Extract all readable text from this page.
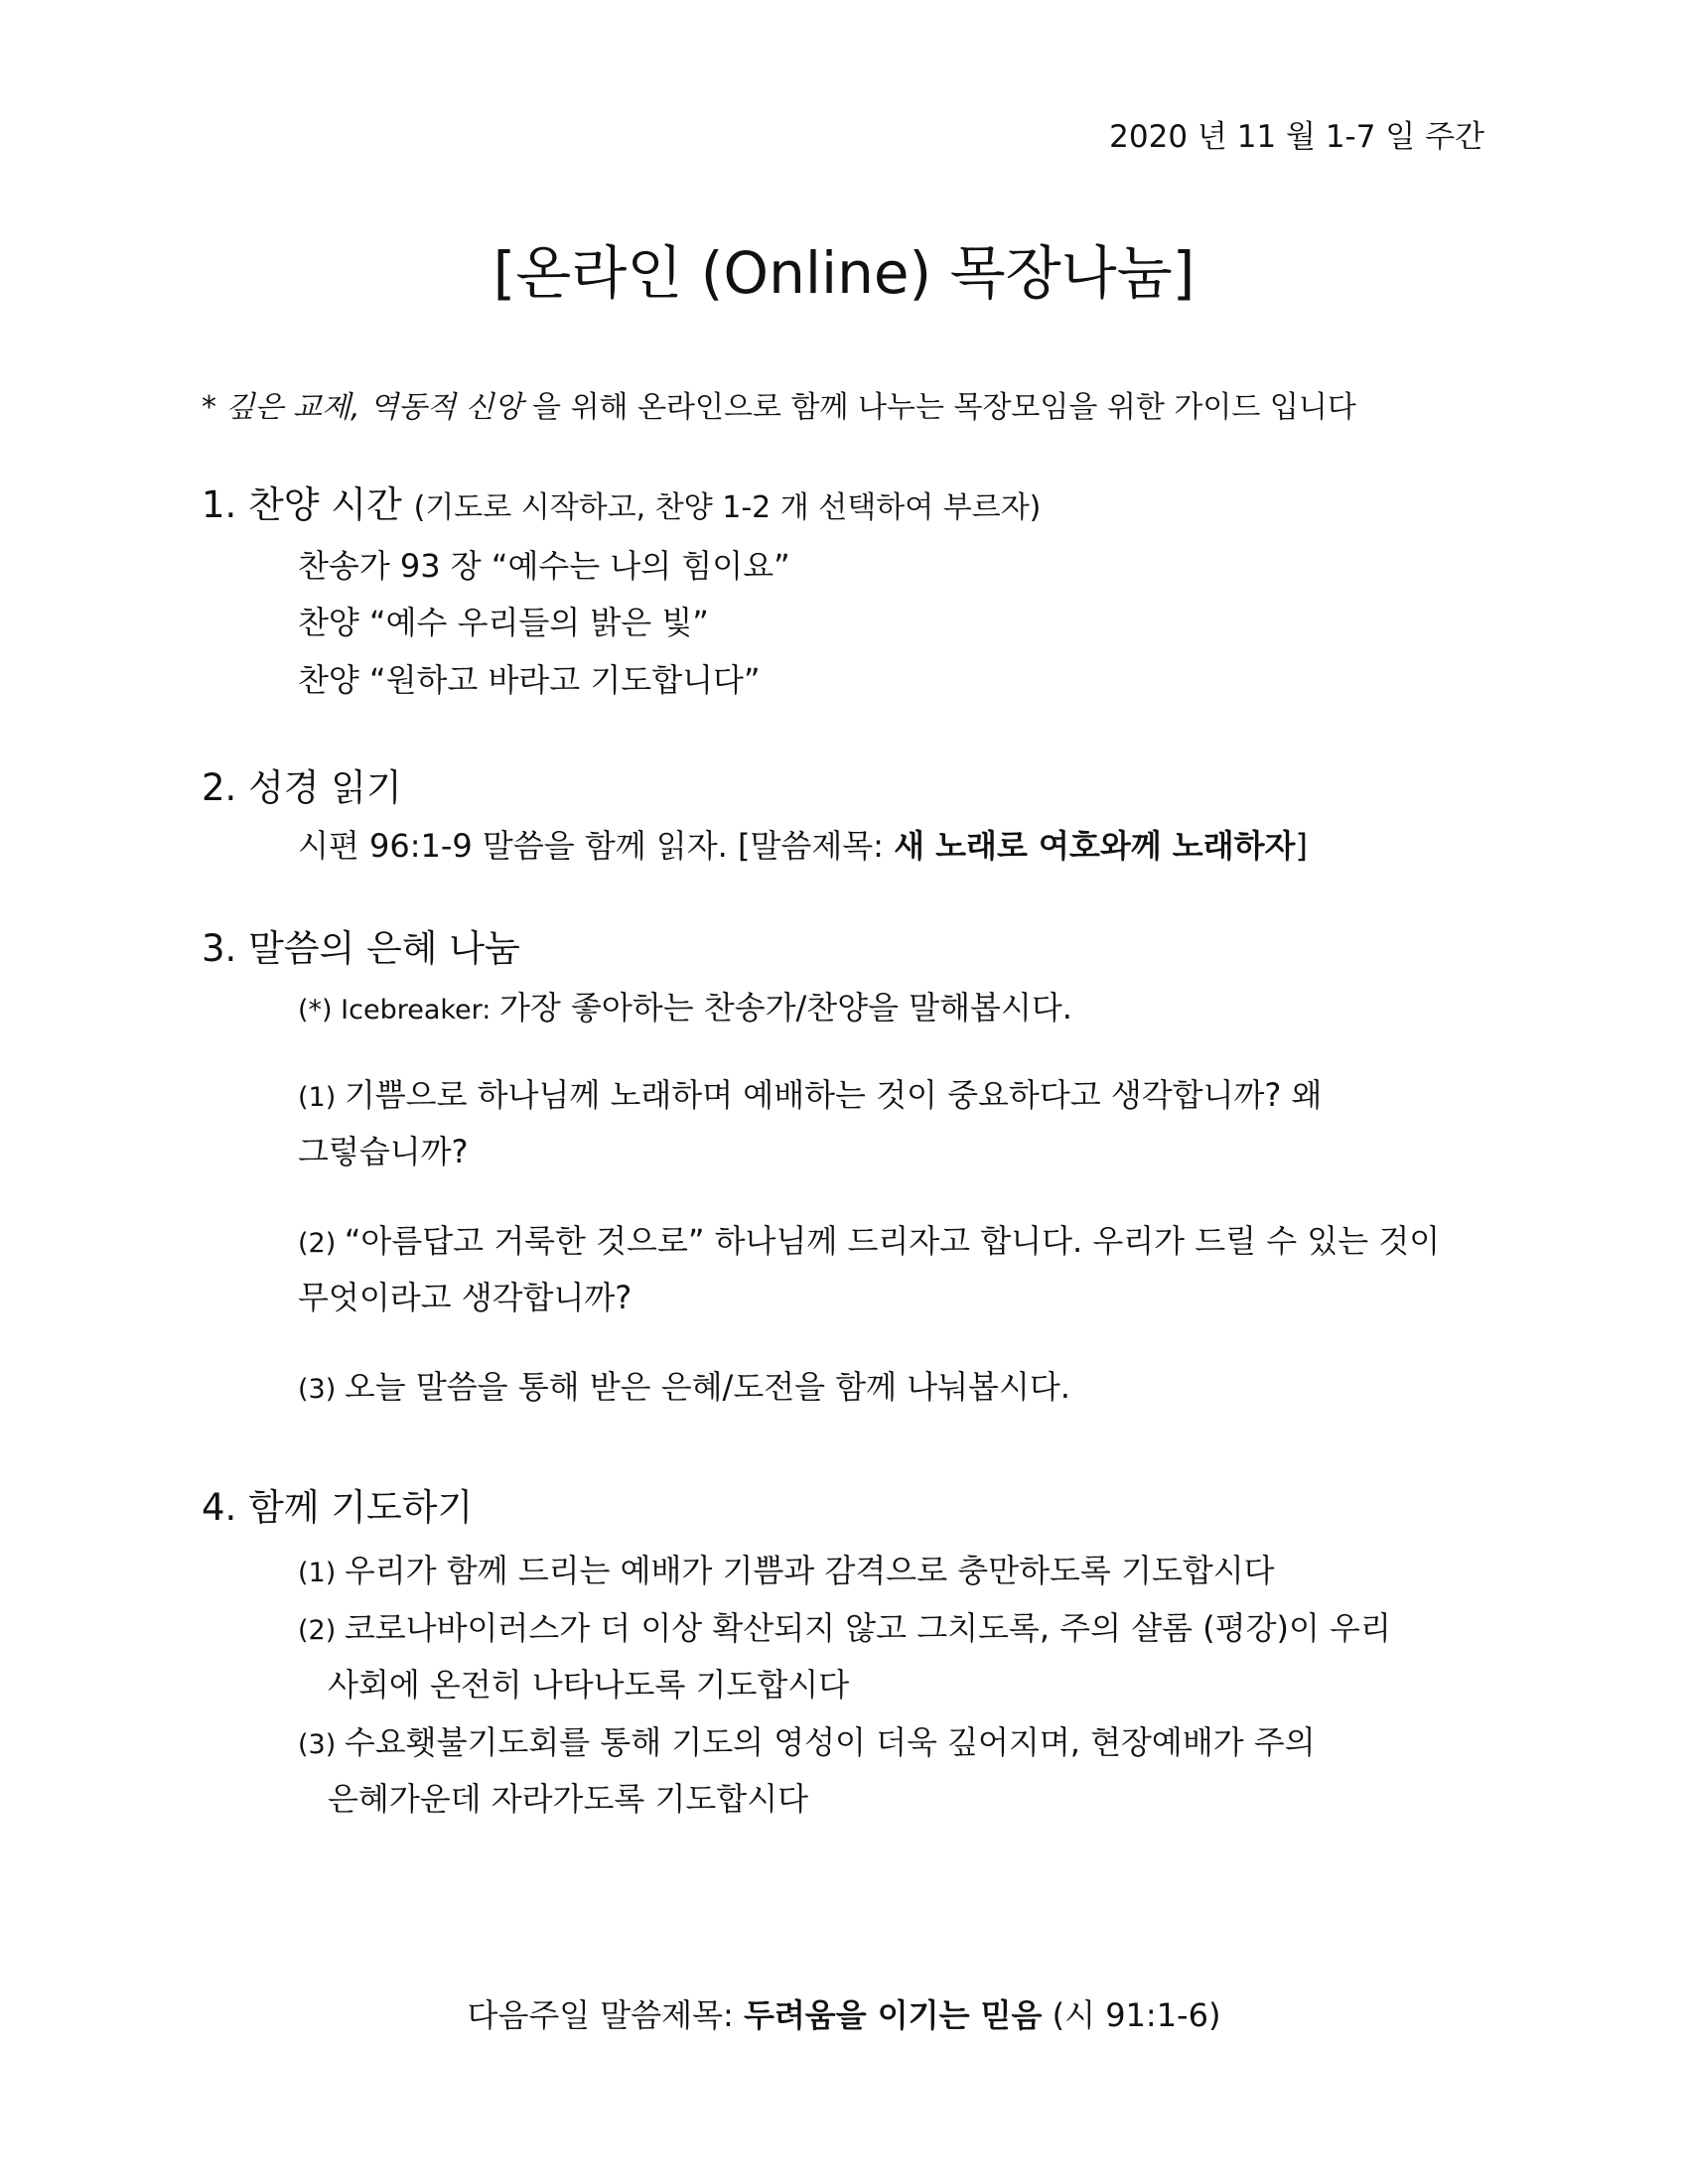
2020 년 11 월 1-7 일 주간
[온라인 (Online) 목장나눔]
* 깊은 교제, 역동적 신앙 을 위해 온라인으로 함께 나누는 목장모임을 위한 가이드 입니다
1. 찬양 시간 (기도로 시작하고, 찬양 1-2 개 선택하여 부르자)
찬송가 93 장 “예수는 나의 힘이요”
찬양 “예수 우리들의 밝은 빛”
찬양 “원하고 바라고 기도합니다”
2. 성경 읽기
시편 96:1-9 말씀을 함께 읽자. [말씀제목: 새 노래로 여호와께 노래하자]
3. 말씀의 은혜 나눔
(*) Icebreaker: 가장 좋아하는 찬송가/찬양을 말해봅시다.
(1) 기쁨으로 하나님께 노래하며 예배하는 것이 중요하다고 생각합니까? 왜
그렇습니까?
(2) “아름답고 거룩한 것으로” 하나님께 드리자고 합니다. 우리가 드릴 수 있는 것이
무엇이라고 생각합니까?
(3) 오늘 말씀을 통해 받은 은혜/도전을 함께 나눠봅시다.
4. 함께 기도하기
(1) 우리가 함께 드리는 예배가 기쁨과 감격으로 충만하도록 기도합시다
(2) 코로나바이러스가 더 이상 확산되지 않고 그치도록, 주의 샬롬 (평강)이 우리
사회에 온전히 나타나도록 기도합시다
(3) 수요횃불기도회를 통해 기도의 영성이 더욱 깊어지며, 현장예배가 주의
은혜가운데 자라가도록 기도합시다
다음주일 말씀제목: 두려움을 이기는 믿음 (시 91:1-6)
